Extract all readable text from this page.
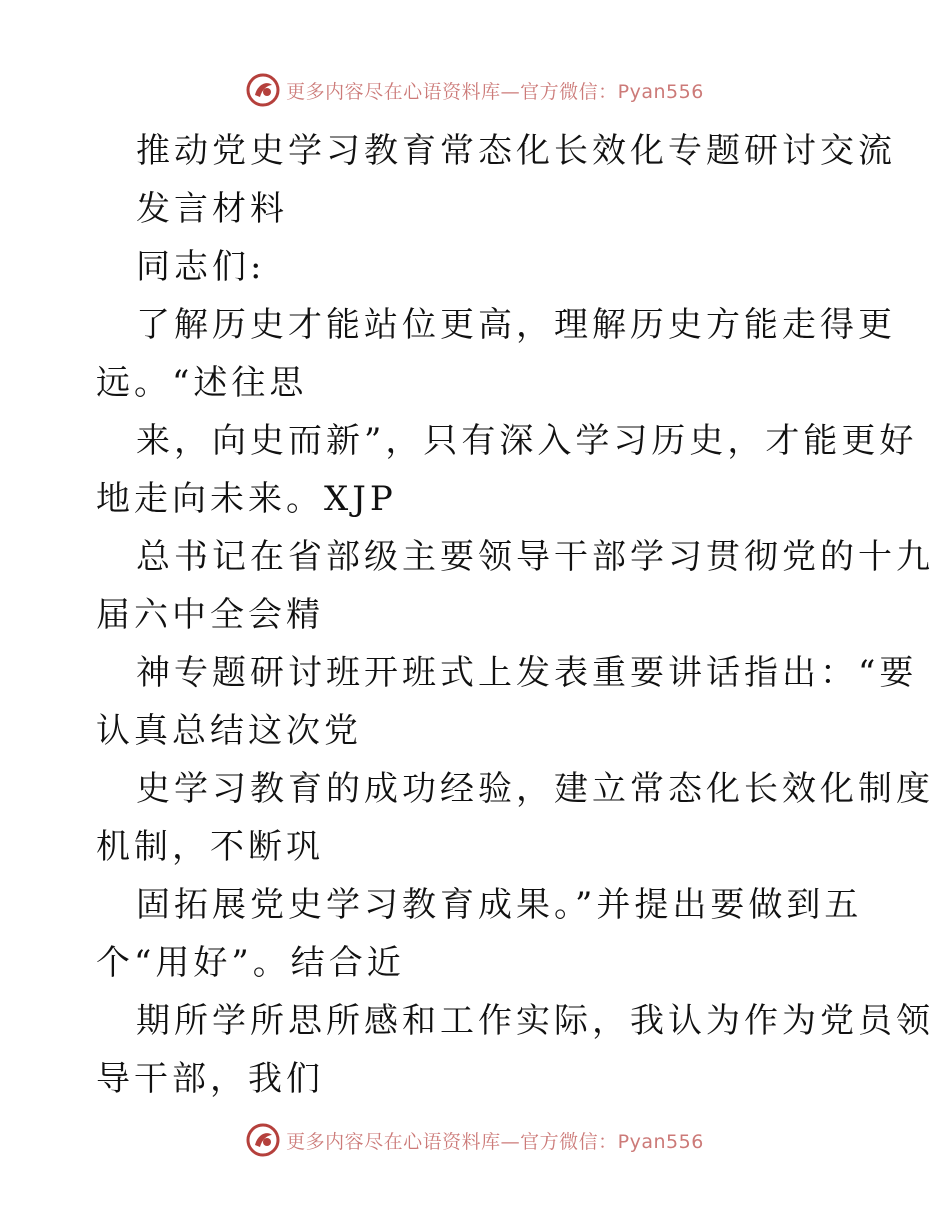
更多内容尽在心语资料库—官方微信：Pyan556
推动党史学习教育常态化长效化专题研讨交流
发言材料
同志们:
了解历史才能站位更高，理解历史方能走得更
远。“述往思
来，向史而新”，只有深入学习历史，才能更好
地走向未来。XJP
总书记在省部级主要领导干部学习贯彻党的十九
届六中全会精
神专题研讨班开班式上发表重要讲话指出：“要
认真总结这次党
史学习教育的成功经验，建立常态化长效化制度
机制，不断巩
固拓展党史学习教育成果。”并提出要做到五
个“用好”。结合近
期所学所思所感和工作实际，我认为作为党员领
导干部，我们
更多内容尽在心语资料库—官方微信：Pyan556
